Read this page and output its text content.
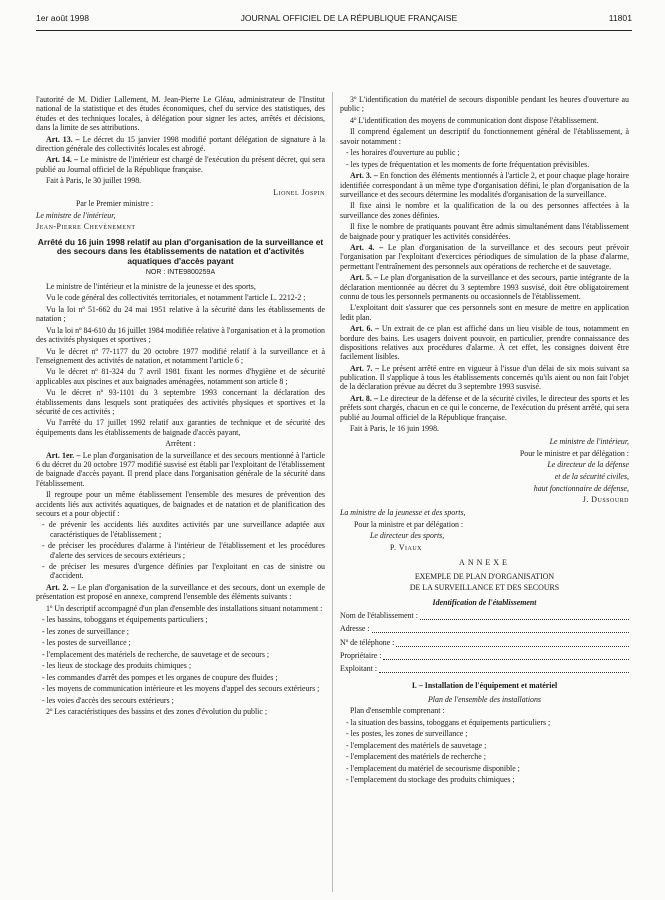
1er août 1998	JOURNAL OFFICIEL DE LA RÉPUBLIQUE FRANÇAISE	11801

l'autorité de M. Didier Lallement, M. Jean-Pierre Le Gléau, administrateur de l'Institut national de la statistique et des études économiques, chef du service des statistiques, des études et des techniques locales, à délégation pour signer les actes, arrêtés et décisions, dans la limite de ses attributions.

Art. 13. – Le décret du 15 janvier 1998 modifié portant délégation de signature à la direction générale des collectivités locales est abrogé.

Art. 14. – Le ministre de l'intérieur est chargé de l'exécution du présent décret, qui sera publié au Journal officiel de la République française.

Fait à Paris, le 30 juillet 1998.

Lionel Jospin

Par le Premier ministre :

Le ministre de l'intérieur,

Jean-Pierre Chevènement

Arrêté du 16 juin 1998 relatif au plan d'organisation de la surveillance et des secours dans les établissements de natation et d'activités aquatiques d'accès payant
NOR : INTE9800259A

Le ministre de l'intérieur et la ministre de la jeunesse et des sports,

Vu le code général des collectivités territoriales, et notamment l'article L. 2212-2 ;

Vu la loi nº 51-662 du 24 mai 1951 relative à la sécurité dans les établissements de natation ;

Vu la loi nº 84-610 du 16 juillet 1984 modifiée relative à l'organisation et à la promotion des activités physiques et sportives ;

Vu le décret nº 77-1177 du 20 octobre 1977 modifié relatif à la surveillance et à l'enseignement des activités de natation, et notamment l'article 6 ;

Vu le décret nº 81-324 du 7 avril 1981 fixant les normes d'hygiène et de sécurité applicables aux piscines et aux baignades aménagées, notamment son article 8 ;

Vu le décret nº 93-1101 du 3 septembre 1993 concernant la déclaration des établissements dans lesquels sont pratiquées des activités physiques et sportives et la sécurité de ces activités ;

Vu l'arrêté du 17 juillet 1992 relatif aux garanties de technique et de sécurité des équipements dans les établissements de baignade d'accès payant,

Arrêtent :

Art. 1er. – Le plan d'organisation de la surveillance et des secours mentionné à l'article 6 du décret du 20 octobre 1977 modifié susvisé est établi par l'exploitant de l'établissement de baignade d'accès payant. Il prend place dans l'organisation générale de la sécurité dans l'établissement.

Il regroupe pour un même établissement l'ensemble des mesures de prévention des accidents liés aux activités aquatiques, de baignades et de natation et de planification des secours et a pour objectif :

- de prévenir les accidents liés auxdites activités par une surveillance adaptée aux caractéristiques de l'établissement ;

- de préciser les procédures d'alarme à l'intérieur de l'établissement et les procédures d'alerte des services de secours extérieurs ;

- de préciser les mesures d'urgence définies par l'exploitant en cas de sinistre ou d'accident.

Art. 2. – Le plan d'organisation de la surveillance et des secours, dont un exemple de présentation est proposé en annexe, comprend l'ensemble des éléments suivants :

1º Un descriptif accompagné d'un plan d'ensemble des installations situant notamment :

- les bassins, toboggans et équipements particuliers ;

- les zones de surveillance ;

- les postes de surveillance ;

- l'emplacement des matériels de recherche, de sauvetage et de secours ;

- les lieux de stockage des produits chimiques ;

- les commandes d'arrêt des pompes et les organes de coupure des fluides ;

- les moyens de communication intérieure et les moyens d'appel des secours extérieurs ;

- les voies d'accès des secours extérieurs ;

2º Les caractéristiques des bassins et des zones d'évolution du public ;

3º L'identification du matériel de secours disponible pendant les heures d'ouverture au public ;

4º L'identification des moyens de communication dont dispose l'établissement.

Il comprend également un descriptif du fonctionnement général de l'établissement, à savoir notamment :

- les horaires d'ouverture au public ;

- les types de fréquentation et les moments de forte fréquentation prévisibles.

Art. 3. – En fonction des éléments mentionnés à l'article 2, et pour chaque plage horaire identifiée correspondant à un même type d'organisation défini, le plan d'organisation de la surveillance et des secours détermine les modalités d'organisation de la surveillance.

Il fixe ainsi le nombre et la qualification de la ou des personnes affectées à la surveillance des zones définies.

Il fixe le nombre de pratiquants pouvant être admis simultanément dans l'établissement de baignade pour y pratiquer les activités considérées.

Art. 4. – Le plan d'organisation de la surveillance et des secours peut prévoir l'organisation par l'exploitant d'exercices périodiques de simulation de la phase d'alarme, permettant l'entraînement des personnels aux opérations de recherche et de sauvetage.

Art. 5. – Le plan d'organisation de la surveillance et des secours, partie intégrante de la déclaration mentionnée au décret du 3 septembre 1993 susvisé, doit être obligatoirement connu de tous les personnels permanents ou occasionnels de l'établissement.

L'exploitant doit s'assurer que ces personnels sont en mesure de mettre en application ledit plan.

Art. 6. – Un extrait de ce plan est affiché dans un lieu visible de tous, notamment en bordure des bains. Les usagers doivent pouvoir, en particulier, prendre connaissance des dispositions relatives aux procédures d'alarme. À cet effet, les consignes doivent être facilement lisibles.

Art. 7. – Le présent arrêté entre en vigueur à l'issue d'un délai de six mois suivant sa publication. Il s'applique à tous les établissements concernés qu'ils aient ou non fait l'objet de la déclaration prévue au décret du 3 septembre 1993 susvisé.

Art. 8. – Le directeur de la défense et de la sécurité civiles, le directeur des sports et les préfets sont chargés, chacun en ce qui le concerne, de l'exécution du présent arrêté, qui sera publié au Journal officiel de la République française.

Fait à Paris, le 16 juin 1998.

Le ministre de l'intérieur,

Pour le ministre et par délégation :

Le directeur de la défense

et de la sécurité civiles,

haut fonctionnaire de défense,

J. Dussourd

La ministre de la jeunesse et des sports,

Pour la ministre et par délégation :

Le directeur des sports,

P. Viaux

ANNEXE

EXEMPLE DE PLAN D'ORGANISATION

DE LA SURVEILLANCE ET DES SECOURS

Identification de l'établissement

Nom de l'établissement :
Adresse :
Nº de téléphone :
Propriétaire :
Exploitant :
I. – Installation de l'équipement et matériel

Plan de l'ensemble des installations

Plan d'ensemble comprenant :

- la situation des bassins, toboggans et équipements particuliers ;

- les postes, les zones de surveillance ;

- l'emplacement des matériels de sauvetage ;

- l'emplacement des matériels de recherche ;

- l'emplacement du matériel de secourisme disponible ;

- l'emplacement du stockage des produits chimiques ;
